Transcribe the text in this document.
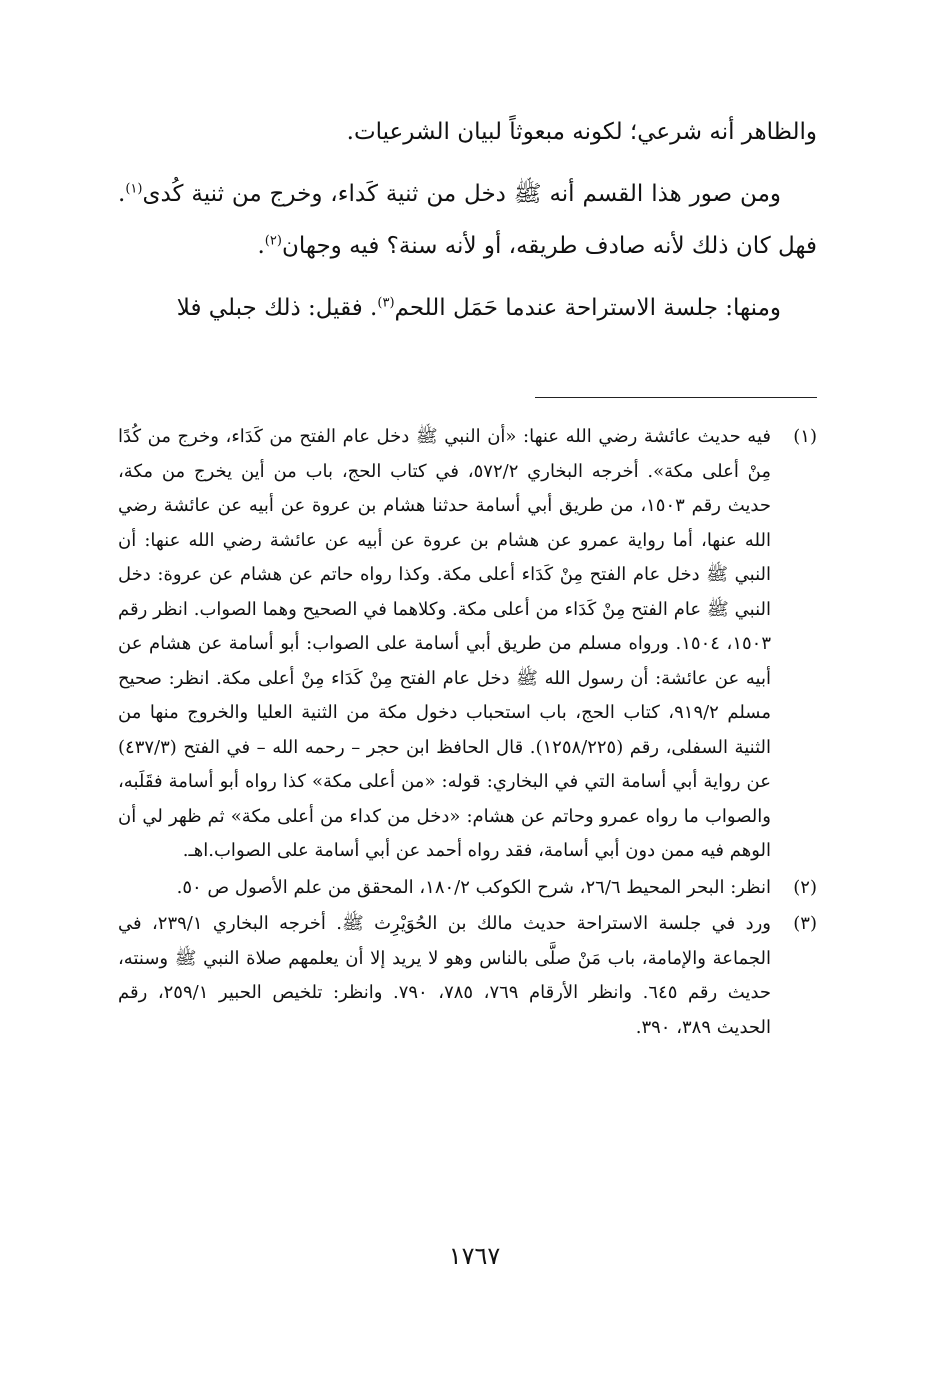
والظاهر أنه شرعي؛ لكونه مبعوثاً لبيان الشرعيات.

ومن صور هذا القسم أنه ﷺ دخل من ثنية كَداء، وخرج من ثنية كُدى$^{(١)}$. فهل كان ذلك لأنه صادف طريقه، أو لأنه سنة؟ فيه وجهان$^{(٢)}$.

ومنها: جلسة الاستراحة عندما حَمَل اللحم$^{(٣)}$. فقيل: ذلك جبلي فلا

(١)
فيه حديث عائشة رضي الله عنها: «أن النبي ﷺ دخل عام الفتح من كَدَاء، وخرج من كُدًا مِنْ أعلى مكة». أخرجه البخاري ٥٧٢/٢، في كتاب الحج، باب من أين يخرج من مكة، حديث رقم ١٥٠٣، من طريق أبي أسامة حدثنا هشام بن عروة عن أبيه عن عائشة رضي الله عنها، أما رواية عمرو عن هشام بن عروة عن أبيه عن عائشة رضي الله عنها: أن النبي ﷺ دخل عام الفتح مِنْ كَدَاء أعلى مكة. وكذا رواه حاتم عن هشام عن عروة: دخل النبي ﷺ عام الفتح مِنْ كَدَاء من أعلى مكة. وكلاهما في الصحيح وهما الصواب. انظر رقم ١٥٠٣، ١٥٠٤. ورواه مسلم من طريق أبي أسامة على الصواب: أبو أسامة عن هشام عن أبيه عن عائشة: أن رسول الله ﷺ دخل عام الفتح مِنْ كَدَاء مِنْ أعلى مكة. انظر: صحيح مسلم ٩١٩/٢، كتاب الحج، باب استحباب دخول مكة من الثنية العليا والخروج منها من الثنية السفلى، رقم (١٢٥٨/٢٢٥). قال الحافظ ابن حجر – رحمه الله – في الفتح (٤٣٧/٣) عن رواية أبي أسامة التي في البخاري: قوله: «من أعلى مكة» كذا رواه أبو أسامة فقَلَبه، والصواب ما رواه عمرو وحاتم عن هشام: «دخل من كداء من أعلى مكة» ثم ظهر لي أن الوهم فيه ممن دون أبي أسامة، فقد رواه أحمد عن أبي أسامة على الصواب.اهـ.
(٢)
انظر: البحر المحيط ٢٦/٦، شرح الكوكب ١٨٠/٢، المحقق من علم الأصول ص ٥٠.
(٣)
ورد في جلسة الاستراحة حديث مالك بن الحُوَيْرِث ﷺ. أخرجه البخاري ٢٣٩/١، في الجماعة والإمامة، باب مَنْ صلَّى بالناس وهو لا يريد إلا أن يعلمهم صلاة النبي ﷺ وسنته، حديث رقم ٦٤٥. وانظر الأرقام ٧٦٩، ٧٨٥، ٧٩٠. وانظر: تلخيص الحبير ٢٥٩/١، رقم الحديث ٣٨٩، ٣٩٠.
١٧٦٧
